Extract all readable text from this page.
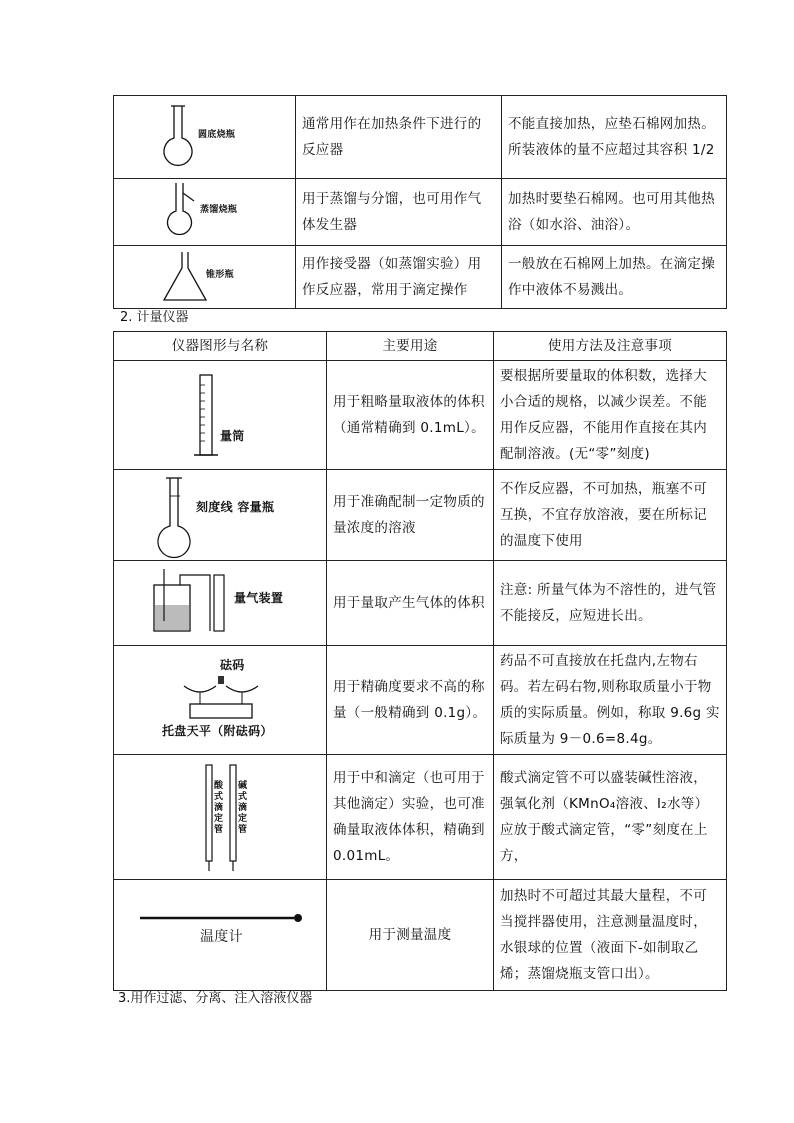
圆底烧瓶	通常用作在加热条件下进行的反应器	不能直接加热，应垫石棉网加热。所装液体的量不应超过其容积 1/2

蒸馏烧瓶	用于蒸馏与分馏，也可用作气体发生器	加热时要垫石棉网。也可用其他热浴（如水浴、油浴）。

锥形瓶	用作接受器（如蒸馏实验）用作反应器，常用于滴定操作	一般放在石棉网上加热。在滴定操作中液体不易溅出。
2. 计量仪器
仪器图形与名称	主要用途	使用方法及注意事项

量筒	用于粗略量取液体的体积（通常精确到 0.1mL）。	要根据所要量取的体积数，选择大小合适的规格，以减少误差。不能用作反应器，不能用作直接在其内配制溶液。(无“零”刻度)

刻度线 容量瓶	用于准确配制一定物质的量浓度的溶液	不作反应器，不可加热，瓶塞不可互换，不宜存放溶液，要在所标记的温度下使用

量气装置	用于量取产生气体的体积	注意: 所量气体为不溶性的，进气管不能接反，应短进长出。

砝码
托盘天平（附砝码）	用于精确度要求不高的称量（一般精确到 0.1g）。	药品不可直接放在托盘内,左物右码。若左码右物,则称取质量小于物质的实际质量。例如，称取 9.6g 实际质量为 9－0.6=8.4g。

酸式滴定管
碱式滴定管	用于中和滴定（也可用于其他滴定）实验，也可准确量取液体体积，精确到 0.01mL。	酸式滴定管不可以盛装碱性溶液，强氧化剂（KMnO₄溶液、I₂水等）应放于酸式滴定管，“零”刻度在上方，

温度计	用于测量温度	加热时不可超过其最大量程，不可当搅拌器使用，注意测量温度时，水银球的位置（液面下-如制取乙烯；蒸馏烧瓶支管口出）。
3.用作过滤、分离、注入溶液仪器
